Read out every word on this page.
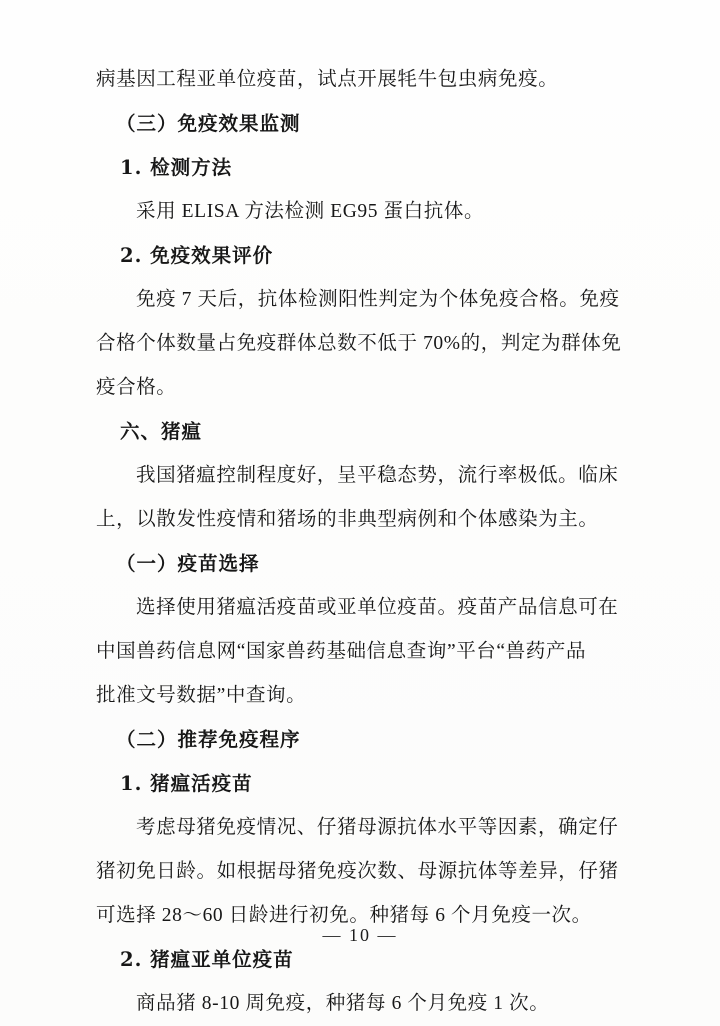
病基因工程亚单位疫苗，试点开展牦牛包虫病免疫。
（三）免疫效果监测
1. 检测方法
采用 ELISA 方法检测 EG95 蛋白抗体。
2. 免疫效果评价
免疫 7 天后，抗体检测阳性判定为个体免疫合格。免疫
合格个体数量占免疫群体总数不低于 70%的，判定为群体免
疫合格。
六、猪瘟
我国猪瘟控制程度好，呈平稳态势，流行率极低。临床
上，以散发性疫情和猪场的非典型病例和个体感染为主。
（一）疫苗选择
选择使用猪瘟活疫苗或亚单位疫苗。疫苗产品信息可在
中国兽药信息网“国家兽药基础信息查询”平台“兽药产品
批准文号数据”中查询。
（二）推荐免疫程序
1. 猪瘟活疫苗
考虑母猪免疫情况、仔猪母源抗体水平等因素，确定仔
猪初免日龄。如根据母猪免疫次数、母源抗体等差异，仔猪
可选择 28～60 日龄进行初免。种猪每 6 个月免疫一次。
2. 猪瘟亚单位疫苗
商品猪 8-10 周免疫，种猪每 6 个月免疫 1 次。
— 10 —
